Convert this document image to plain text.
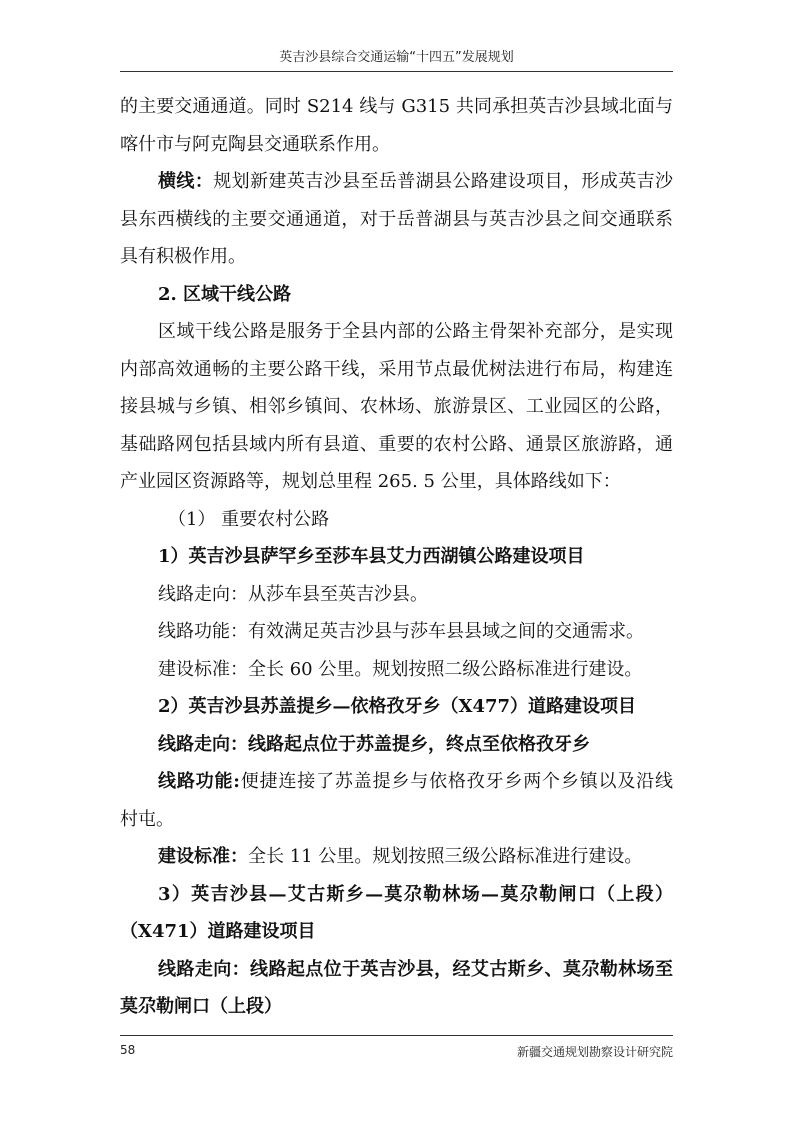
英吉沙县综合交通运输“十四五”发展规划
的主要交通通道。同时 S214 线与 G315 共同承担英吉沙县域北面与
喀什市与阿克陶县交通联系作用。
横线：规划新建英吉沙县至岳普湖县公路建设项目，形成英吉沙
县东西横线的主要交通通道，对于岳普湖县与英吉沙县之间交通联系
具有积极作用。
2. 区域干线公路
区域干线公路是服务于全县内部的公路主骨架补充部分，是实现
内部高效通畅的主要公路干线，采用节点最优树法进行布局，构建连
接县城与乡镇、相邻乡镇间、农林场、旅游景区、工业园区的公路，
基础路网包括县域内所有县道、重要的农村公路、通景区旅游路，通
产业园区资源路等，规划总里程 265. 5 公里，具体路线如下：
（1） 重要农村公路
1）英吉沙县萨罕乡至莎车县艾力西湖镇公路建设项目
线路走向：从莎车县至英吉沙县。
线路功能：有效满足英吉沙县与莎车县县域之间的交通需求。
建设标准：全长 60 公里。规划按照二级公路标准进行建设。
2）英吉沙县苏盖提乡—依格孜牙乡（X477）道路建设项目
线路走向：线路起点位于苏盖提乡，终点至依格孜牙乡
线路功能:便捷连接了苏盖提乡与依格孜牙乡两个乡镇以及沿线
村屯。
建设标准：全长 11 公里。规划按照三级公路标准进行建设。
3）英吉沙县—艾古斯乡—莫尕勒林场—莫尕勒闸口（上段）
（X471）道路建设项目
线路走向：线路起点位于英吉沙县，经艾古斯乡、莫尕勒林场至
莫尕勒闸口（上段）
58	新疆交通规划勘察设计研究院
